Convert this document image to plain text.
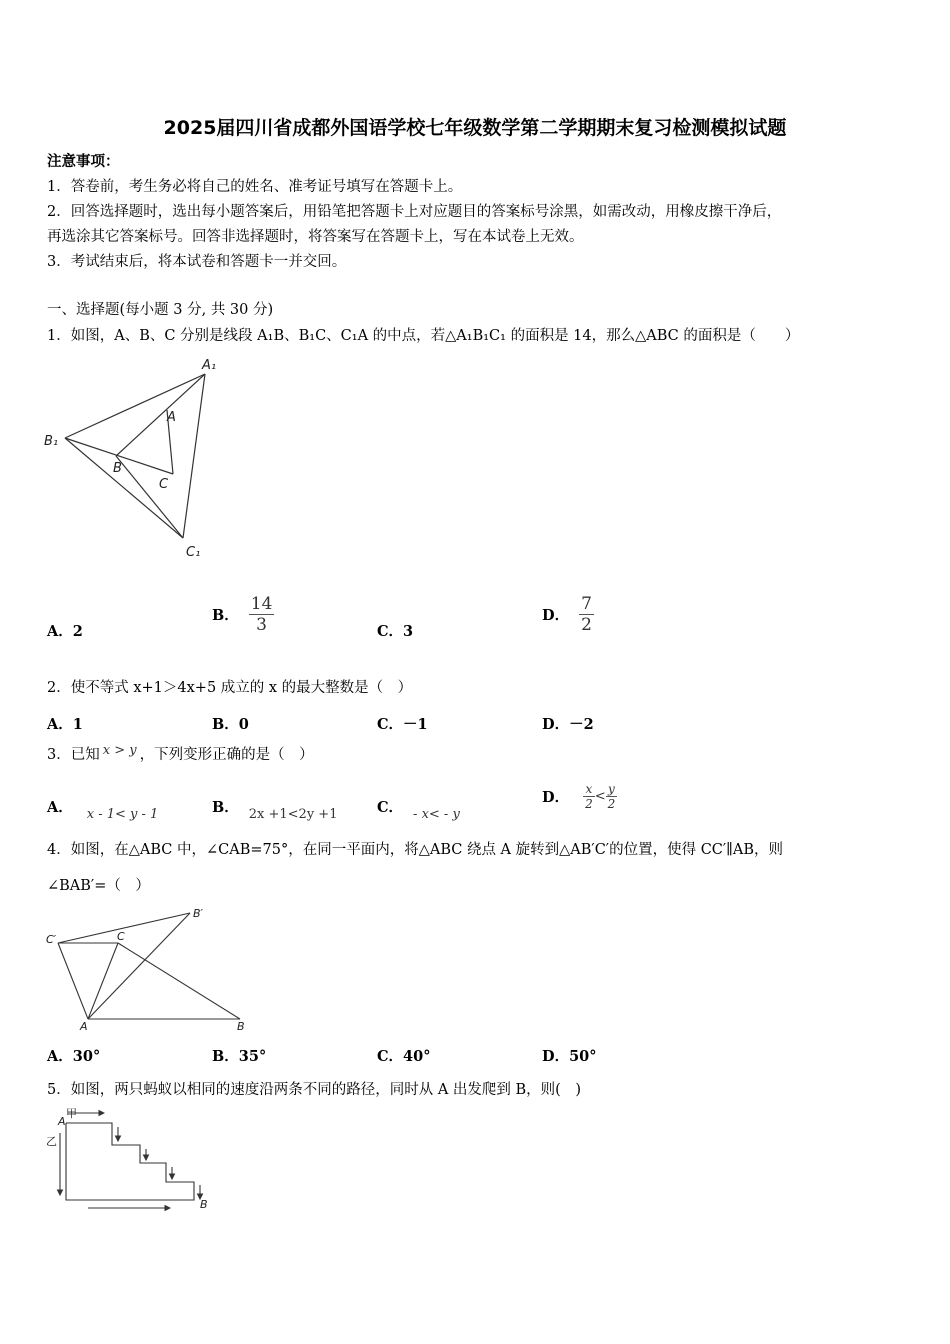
2025届四川省成都外国语学校七年级数学第二学期期末复习检测模拟试题
注意事项：
1．答卷前，考生务必将自己的姓名、准考证号填写在答题卡上。
2．回答选择题时，选出每小题答案后，用铅笔把答题卡上对应题目的答案标号涂黑，如需改动，用橡皮擦干净后，
再选涂其它答案标号。回答非选择题时，将答案写在答题卡上，写在本试卷上无效。
3．考试结束后，将本试卷和答题卡一并交回。
一、选择题(每小题 3 分, 共 30 分)
1．如图，A、B、C 分别是线段 A₁B、B₁C、C₁A 的中点，若△A₁B₁C₁ 的面积是 14，那么△ABC 的面积是（　　）
A₁
A
B₁
B
C
C₁
A．2
B． $\frac{14}{3}$	C．3
D． $\frac{7}{2}$
2．使不等式 x+1＞4x+5 成立的 x 的最大整数是（　）
A．1	B．0	C．－1	D．－2
3．已知 x > y ，下列变形正确的是（　）
A． x - 1< y - 1	B． 2x +1<2y +1	C． - x< - y
D． $\frac{x}{2} < \frac{y}{2}$
4．如图，在△ABC 中，∠CAB=75°，在同一平面内，将△ABC 绕点 A 旋转到△AB′C′的位置，使得 CC′∥AB，则
∠BAB′=（　）
B′
C′	C
A	B
A．30°	B．35°	C．40°	D．50°
5．如图，两只蚂蚁以相同的速度沿两条不同的路径，同时从 A 出发爬到 B，则(　)
甲
A
乙
B
